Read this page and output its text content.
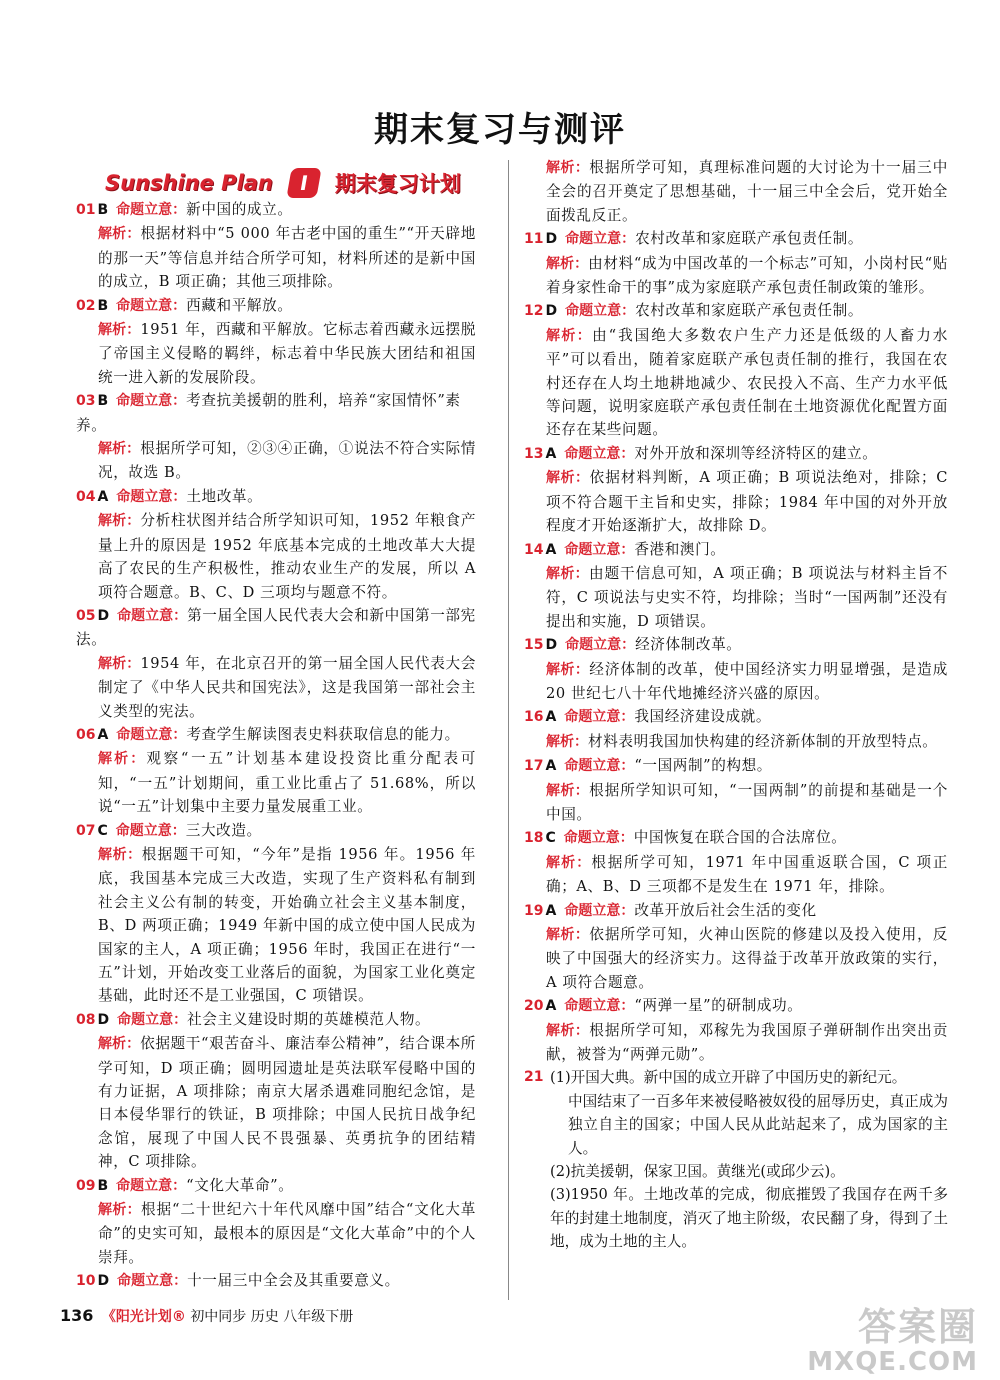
期末复习与测评
Sunshine Plan	I	期末复习计划
01 B 命题立意：新中国的成立。
解析：根据材料中“5 000 年古老中国的重生”“开天辟地的那一天”等信息并结合所学可知，材料所述的是新中国的成立，B 项正确；其他三项排除。
02 B 命题立意：西藏和平解放。
解析：1951 年，西藏和平解放。它标志着西藏永远摆脱了帝国主义侵略的羁绊，标志着中华民族大团结和祖国统一进入新的发展阶段。
03 B 命题立意：考查抗美援朝的胜利，培养“家国情怀”素养。
解析：根据所学可知，②③④正确，①说法不符合实际情况，故选 B。
04 A 命题立意：土地改革。
解析：分析柱状图并结合所学知识可知，1952 年粮食产量上升的原因是 1952 年底基本完成的土地改革大大提高了农民的生产积极性，推动农业生产的发展，所以 A 项符合题意。B、C、D 三项均与题意不符。
05 D 命题立意：第一届全国人民代表大会和新中国第一部宪法。
解析：1954 年，在北京召开的第一届全国人民代表大会制定了《中华人民共和国宪法》，这是我国第一部社会主义类型的宪法。
06 A 命题立意：考查学生解读图表史料获取信息的能力。
解析：观察“一五”计划基本建设投资比重分配表可知，“一五”计划期间，重工业比重占了 51.68%，所以说“一五”计划集中主要力量发展重工业。
07 C 命题立意：三大改造。
解析：根据题干可知，“今年”是指 1956 年。1956 年底，我国基本完成三大改造，实现了生产资料私有制到社会主义公有制的转变，开始确立社会主义基本制度，B、D 两项正确；1949 年新中国的成立使中国人民成为国家的主人，A 项正确；1956 年时，我国正在进行“一五”计划，开始改变工业落后的面貌，为国家工业化奠定基础，此时还不是工业强国，C 项错误。
08 D 命题立意：社会主义建设时期的英雄模范人物。
解析：依据题干“艰苦奋斗、廉洁奉公精神”，结合课本所学可知，D 项正确；圆明园遗址是英法联军侵略中国的有力证据，A 项排除；南京大屠杀遇难同胞纪念馆，是日本侵华罪行的铁证，B 项排除；中国人民抗日战争纪念馆，展现了中国人民不畏强暴、英勇抗争的团结精神，C 项排除。
09 B 命题立意：“文化大革命”。
解析：根据“二十世纪六十年代风靡中国”结合“文化大革命”的史实可知，最根本的原因是“文化大革命”中的个人崇拜。
10 D 命题立意：十一届三中全会及其重要意义。
解析：根据所学可知，真理标准问题的大讨论为十一届三中全会的召开奠定了思想基础，十一届三中全会后，党开始全面拨乱反正。
11 D 命题立意：农村改革和家庭联产承包责任制。
解析：由材料“成为中国改革的一个标志”可知，小岗村民“贴着身家性命干的事”成为家庭联产承包责任制政策的雏形。
12 D 命题立意：农村改革和家庭联产承包责任制。
解析：由“我国绝大多数农户生产力还是低级的人畜力水平”可以看出，随着家庭联产承包责任制的推行，我国在农村还存在人均土地耕地减少、农民投入不高、生产力水平低等问题，说明家庭联产承包责任制在土地资源优化配置方面还存在某些问题。
13 A 命题立意：对外开放和深圳等经济特区的建立。
解析：依据材料判断，A 项正确；B 项说法绝对，排除；C 项不符合题干主旨和史实，排除；1984 年中国的对外开放程度才开始逐渐扩大，故排除 D。
14 A 命题立意：香港和澳门。
解析：由题干信息可知，A 项正确；B 项说法与材料主旨不符，C 项说法与史实不符，均排除；当时“一国两制”还没有提出和实施，D 项错误。
15 D 命题立意：经济体制改革。
解析：经济体制的改革，使中国经济实力明显增强，是造成 20 世纪七八十年代地摊经济兴盛的原因。
16 A 命题立意：我国经济建设成就。
解析：材料表明我国加快构建的经济新体制的开放型特点。
17 A 命题立意：“一国两制”的构想。
解析：根据所学知识可知，“一国两制”的前提和基础是一个中国。
18 C 命题立意：中国恢复在联合国的合法席位。
解析：根据所学可知，1971 年中国重返联合国，C 项正确；A、B、D 三项都不是发生在 1971 年，排除。
19 A 命题立意：改革开放后社会生活的变化
解析：依据所学可知，火神山医院的修建以及投入使用，反映了中国强大的经济实力。这得益于改革开放政策的实行，A 项符合题意。
20 A 命题立意：“两弹一星”的研制成功。
解析：根据所学可知，邓稼先为我国原子弹研制作出突出贡献，被誉为“两弹元勋”。
21 (1)开国大典。新中国的成立开辟了中国历史的新纪元。

中国结束了一百多年来被侵略被奴役的屈辱历史，真正成为独立自主的国家；中国人民从此站起来了，成为国家的主人。

(2)抗美援朝，保家卫国。黄继光(或邱少云)。

(3)1950 年。土地改革的完成，彻底摧毁了我国存在两千多年的封建土地制度，消灭了地主阶级，农民翻了身，得到了土地，成为土地的主人。

136 《阳光计划® 初中同步 历史 八年级下册	答案圈
MXQE.COM
